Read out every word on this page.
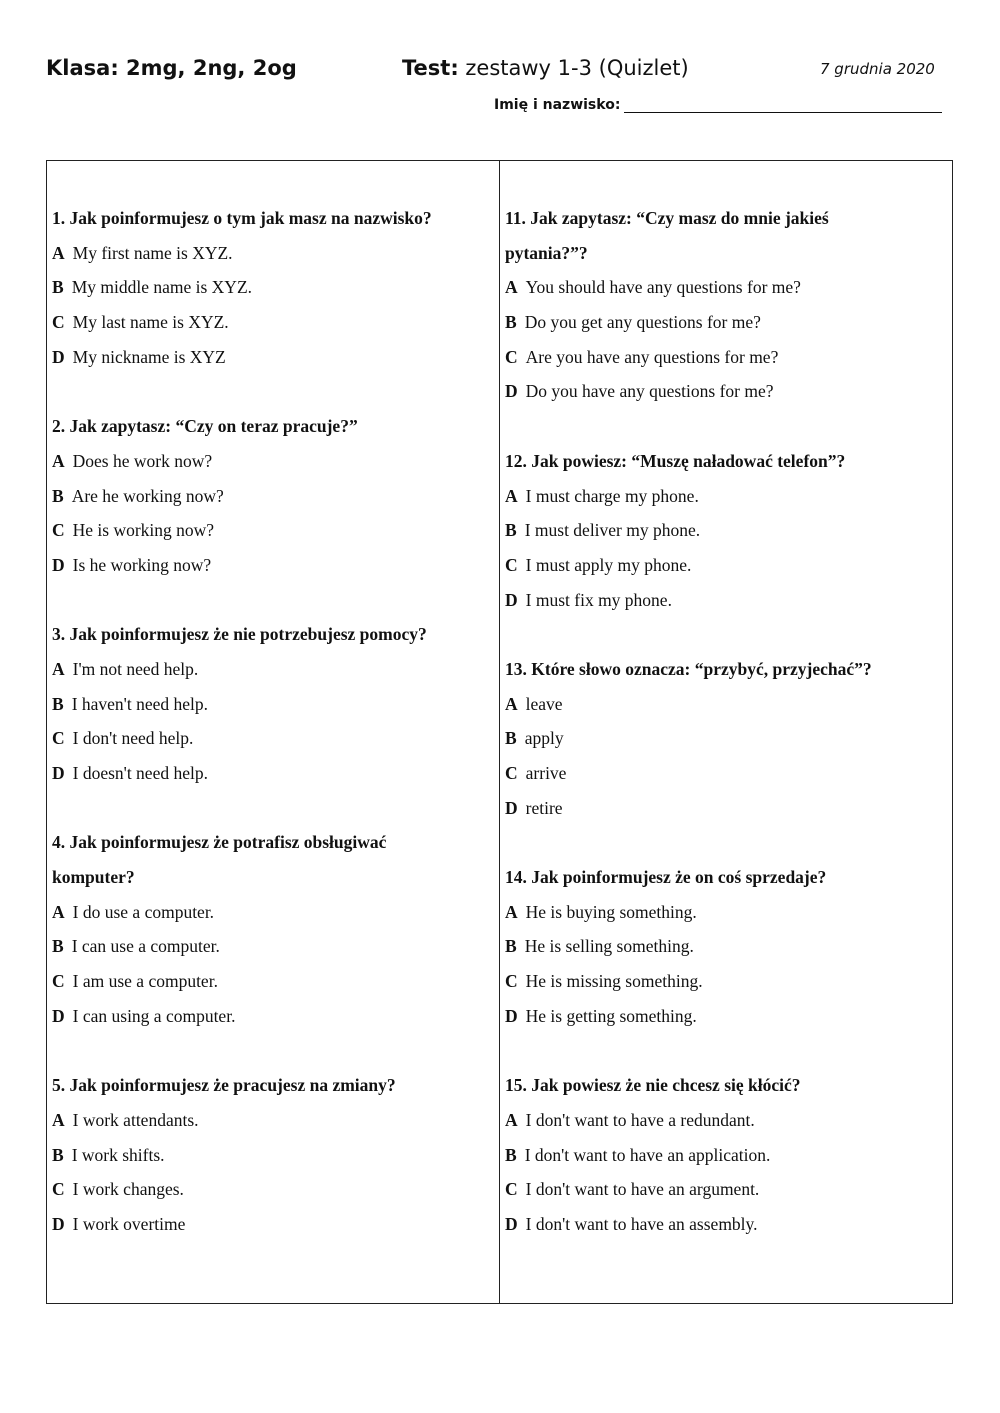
Klasa: 2mg, 2ng, 2og	Test: zestawy 1-3 (Quizlet)	7 grudnia 2020
Imię i nazwisko:
1. Jak poinformujesz o tym jak masz na nazwisko?
A My first name is XYZ.
B My middle name is XYZ.
C My last name is XYZ.
D My nickname is XYZ
2. Jak zapytasz: “Czy on teraz pracuje?”
A Does he work now?
B Are he working now?
C He is working now?
D Is he working now?
3. Jak poinformujesz że nie potrzebujesz pomocy?
A I'm not need help.
B I haven't need help.
C I don't need help.
D I doesn't need help.
4. Jak poinformujesz że potrafisz obsługiwać
komputer?
A I do use a computer.
B I can use a computer.
C I am use a computer.
D I can using a computer.
5. Jak poinformujesz że pracujesz na zmiany?
A I work attendants.
B I work shifts.
C I work changes.
D I work overtime
11. Jak zapytasz: “Czy masz do mnie jakieś
pytania?”?
A You should have any questions for me?
B Do you get any questions for me?
C Are you have any questions for me?
D Do you have any questions for me?
12. Jak powiesz: “Muszę naładować telefon”?
A I must charge my phone.
B I must deliver my phone.
C I must apply my phone.
D I must fix my phone.
13. Które słowo oznacza: “przybyć, przyjechać”?
A leave
B apply
C arrive
D retire
14. Jak poinformujesz że on coś sprzedaje?
A He is buying something.
B He is selling something.
C He is missing something.
D He is getting something.
15. Jak powiesz że nie chcesz się kłócić?
A I don't want to have a redundant.
B I don't want to have an application.
C I don't want to have an argument.
D I don't want to have an assembly.
